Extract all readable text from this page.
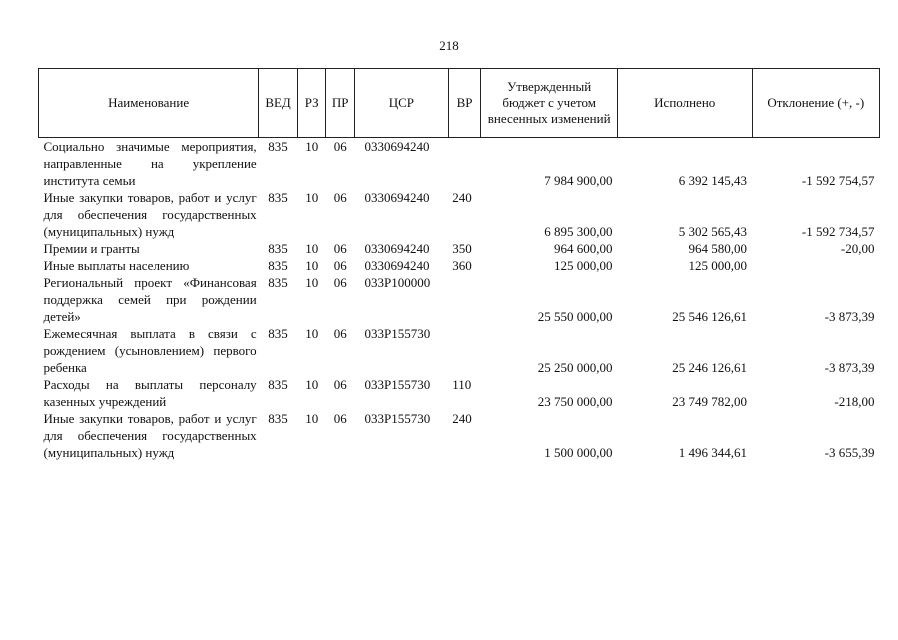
218
Наименование	ВЕД	РЗ	ПР	ЦСР	ВР	Утвержденный бюджет с учетом внесенных изменений	Исполнено	Отклонение (+, -)
Социально значимые мероприятия, направленные на укрепление института семьи	835	10	06	0330694240		7 984 900,00	6 392 145,43	-1 592 754,57
Иные закупки товаров, работ и услуг для обеспечения государственных (муниципальных) нужд	835	10	06	0330694240	240	6 895 300,00	5 302 565,43	-1 592 734,57
Премии и гранты	835	10	06	0330694240	350	964 600,00	964 580,00	-20,00
Иные выплаты населению	835	10	06	0330694240	360	125 000,00	125 000,00	
Региональный проект «Финансовая поддержка семей при рождении детей»	835	10	06	033P100000		25 550 000,00	25 546 126,61	-3 873,39
Ежемесячная выплата в связи с рождением (усыновлением) первого ребенка	835	10	06	033P155730		25 250 000,00	25 246 126,61	-3 873,39
Расходы на выплаты персоналу казенных учреждений	835	10	06	033P155730	110	23 750 000,00	23 749 782,00	-218,00
Иные закупки товаров, работ и услуг для обеспечения государственных (муниципальных) нужд	835	10	06	033P155730	240	1 500 000,00	1 496 344,61	-3 655,39
